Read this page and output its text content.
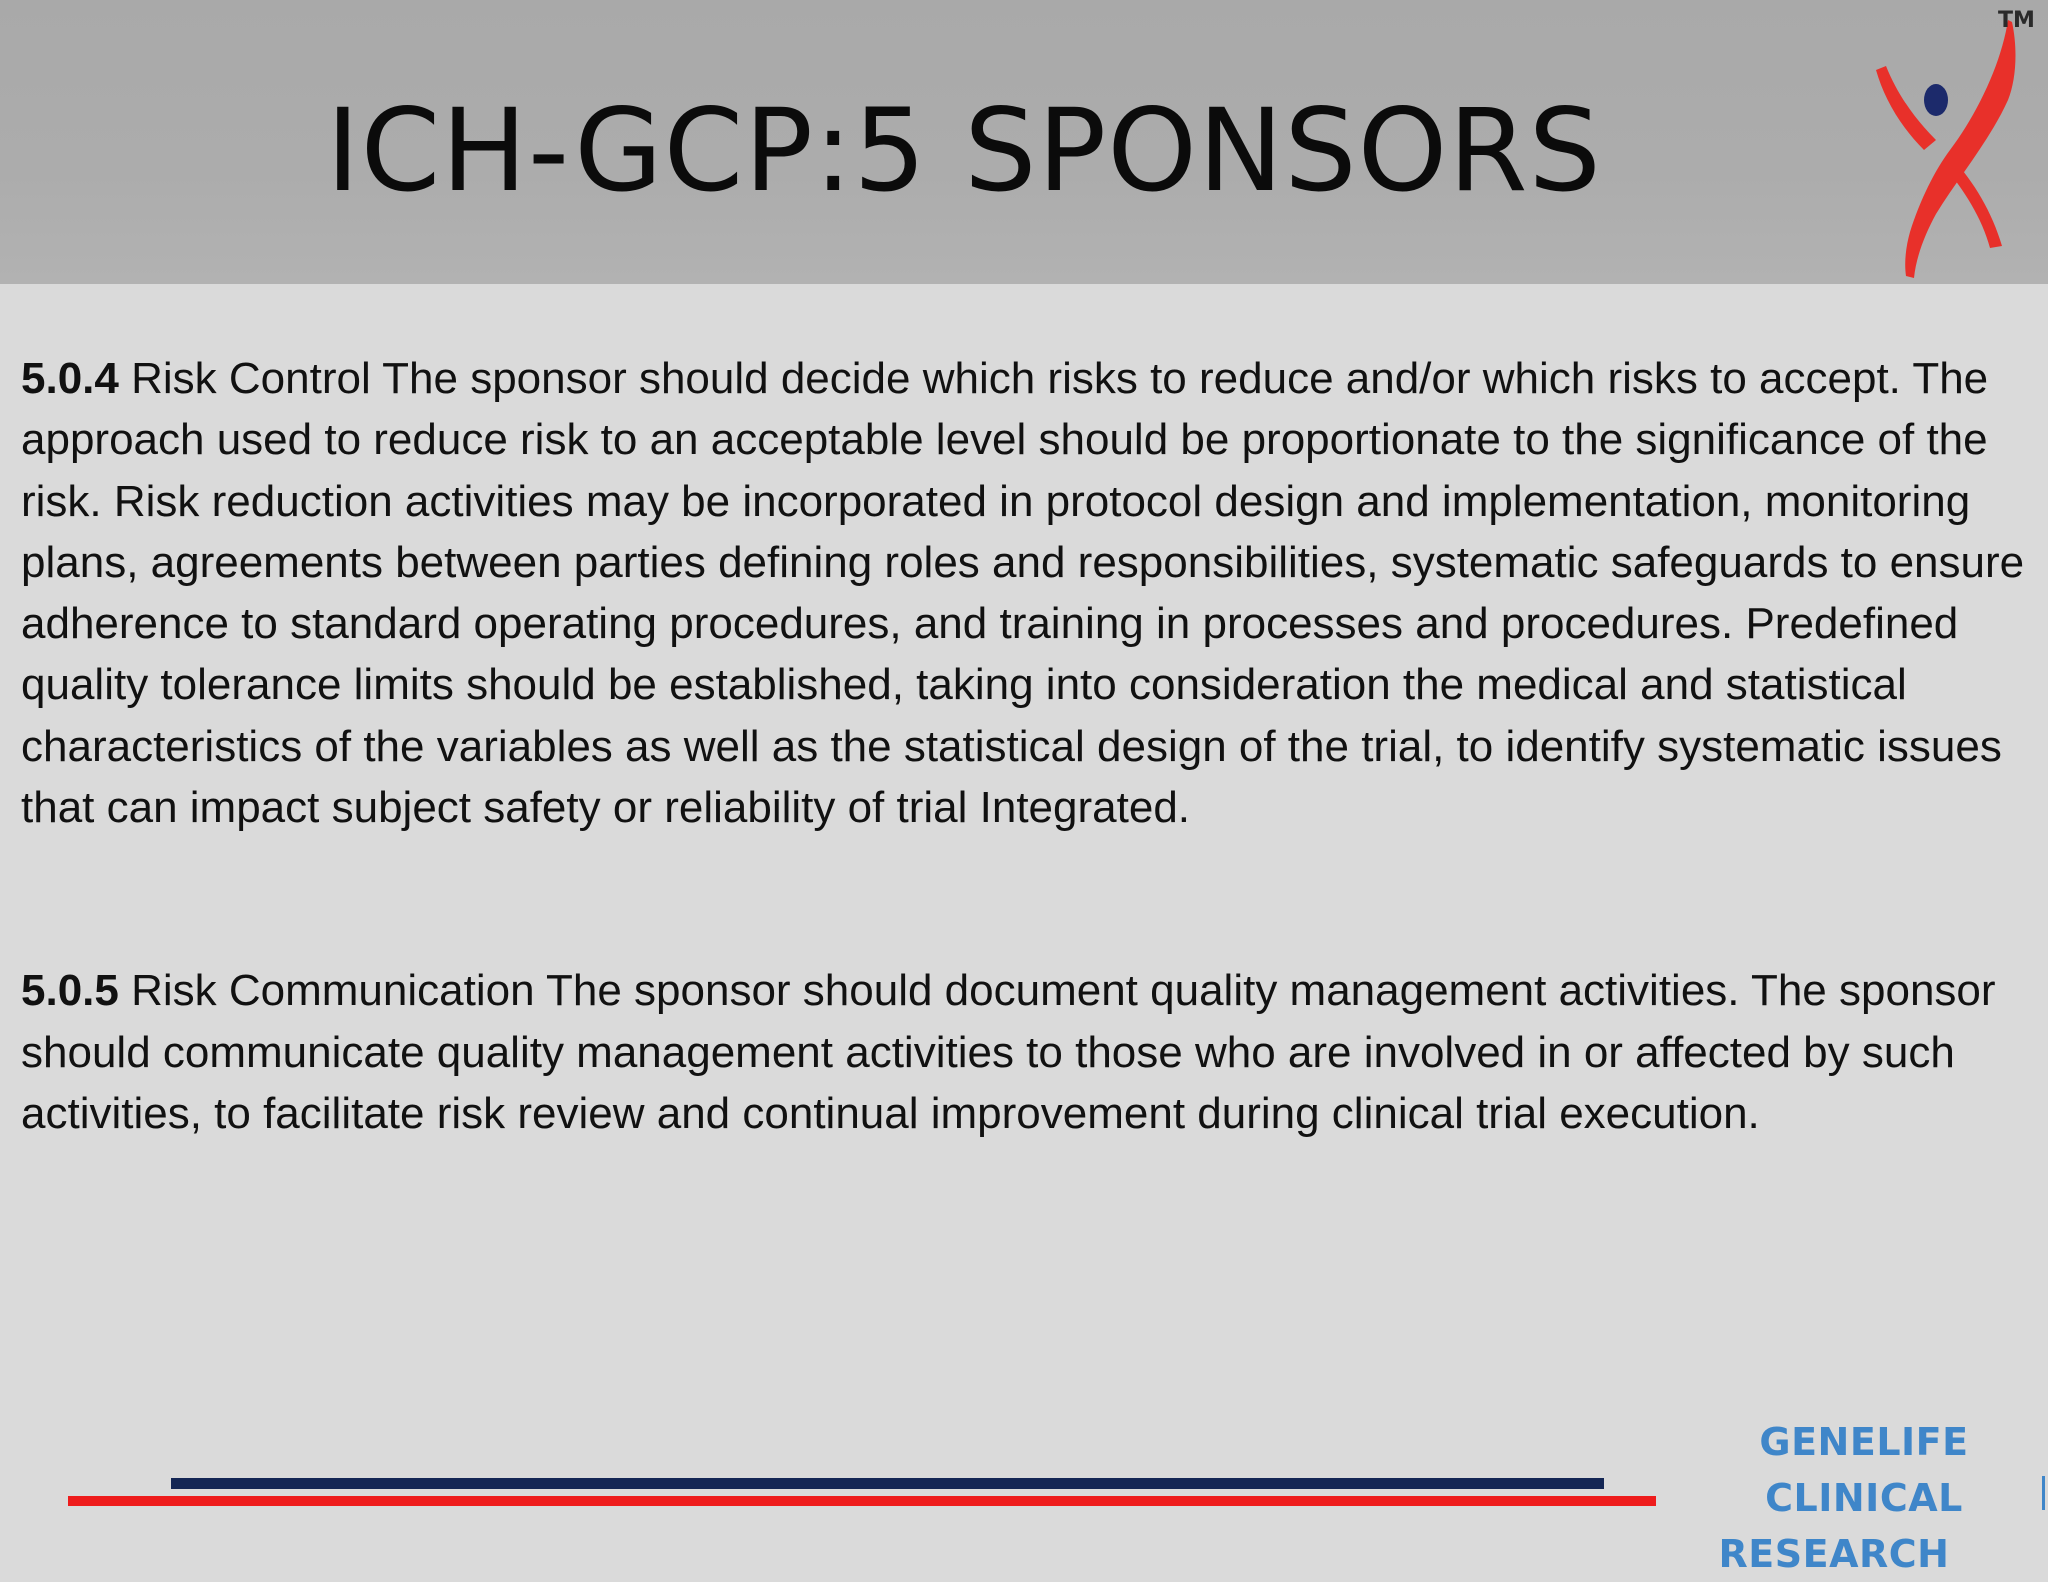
ICH-GCP:5 SPONSORS
TM

5.0.4 Risk Control The sponsor should decide which risks to reduce and/or which risks to accept. The approach used to reduce risk to an acceptable level should be proportionate to the significance of the risk. Risk reduction activities may be incorporated in protocol design and implementation, monitoring plans, agreements between parties defining roles and responsibilities, systematic safeguards to ensure adherence to standard operating procedures, and training in processes and procedures. Predefined quality tolerance limits should be established, taking into consideration the medical and statistical characteristics of the variables as well as the statistical design of the trial, to identify systematic issues that can impact subject safety or reliability of trial Integrated.

5.0.5 Risk Communication The sponsor should document quality management activities. The sponsor should communicate quality management activities to those who are involved in or affected by such activities, to facilitate risk review and continual improvement during clinical trial execution.

GENELIFE CLINICAL
RESEARCH
